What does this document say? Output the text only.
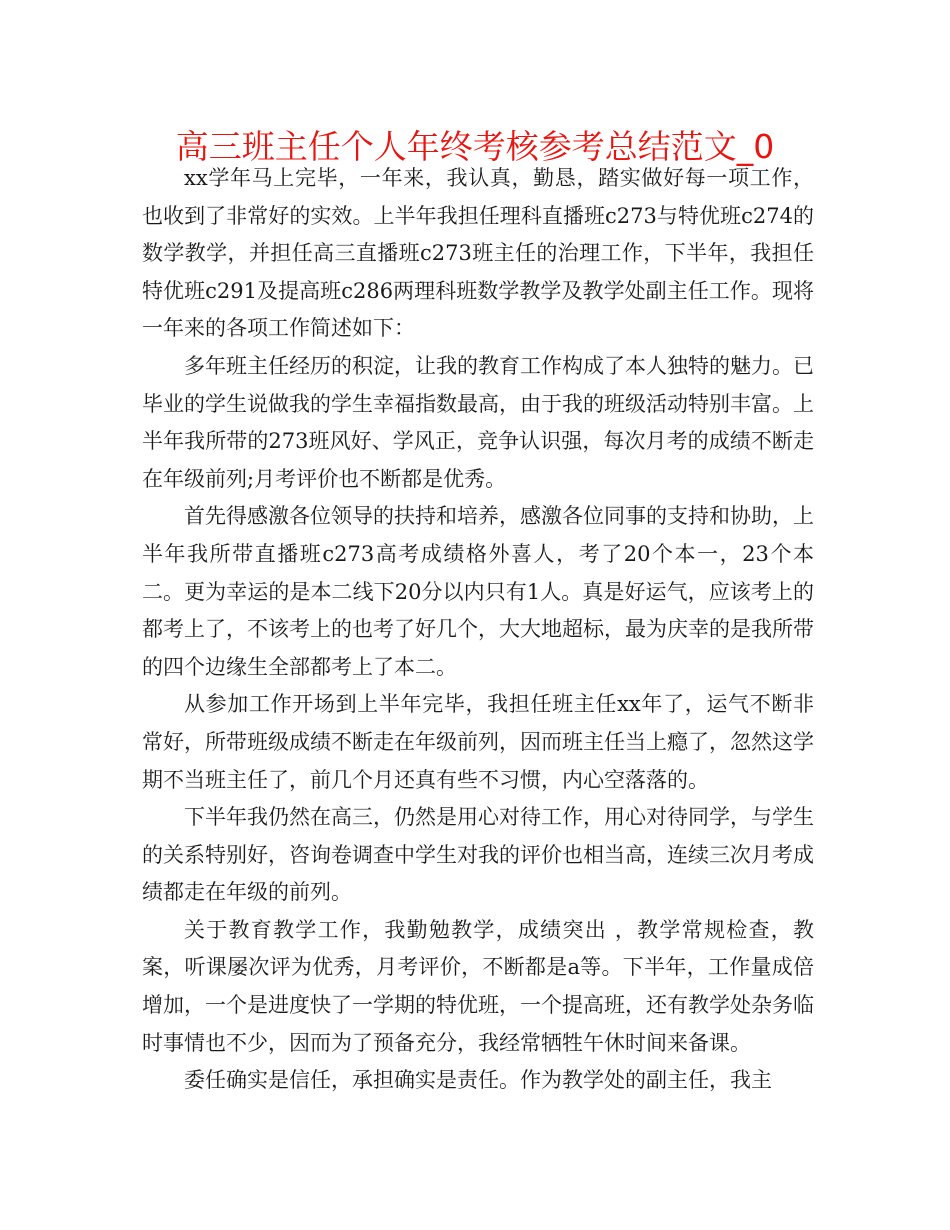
高三班主任个人年终考核参考总结范文_0

xx学年马上完毕，一年来，我认真，勤恳，踏实做好每一项工作，也收到了非常好的实效。上半年我担任理科直播班c273与特优班c274的数学教学，并担任高三直播班c273班主任的治理工作，下半年，我担任特优班c291及提高班c286两理科班数学教学及教学处副主任工作。现将一年来的各项工作简述如下：

多年班主任经历的积淀，让我的教育工作构成了本人独特的魅力。已毕业的学生说做我的学生幸福指数最高，由于我的班级活动特别丰富。上半年我所带的273班风好、学风正，竞争认识强，每次月考的成绩不断走在年级前列;月考评价也不断都是优秀。

首先得感激各位领导的扶持和培养，感激各位同事的支持和协助，上半年我所带直播班c273高考成绩格外喜人，考了20个本一，23个本二。更为幸运的是本二线下20分以内只有1人。真是好运气，应该考上的都考上了，不该考上的也考了好几个，大大地超标，最为庆幸的是我所带的四个边缘生全部都考上了本二。

从参加工作开场到上半年完毕，我担任班主任xx年了，运气不断非常好，所带班级成绩不断走在年级前列，因而班主任当上瘾了，忽然这学期不当班主任了，前几个月还真有些不习惯，内心空落落的。

下半年我仍然在高三，仍然是用心对待工作，用心对待同学，与学生的关系特别好，咨询卷调查中学生对我的评价也相当高，连续三次月考成绩都走在年级的前列。

关于教育教学工作，我勤勉教学，成绩突出 ，教学常规检查，教案，听课屡次评为优秀，月考评价，不断都是a等。下半年，工作量成倍增加，一个是进度快了一学期的特优班，一个提高班，还有教学处杂务临时事情也不少，因而为了预备充分，我经常牺牲午休时间来备课。

委任确实是信任，承担确实是责任。作为教学处的副主任，我主
